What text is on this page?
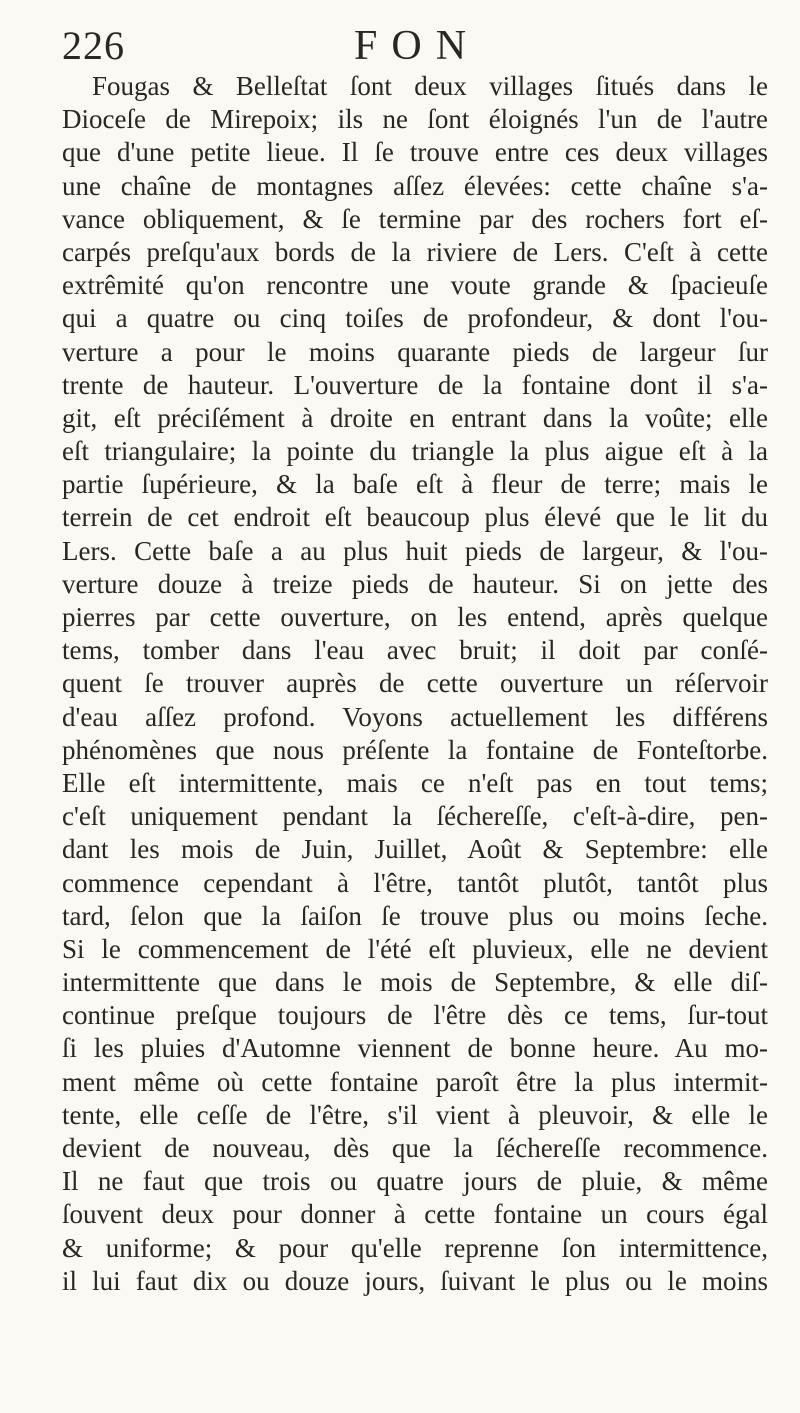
226	FON
Fougas & Belleſtat ſont deux villages ſitués dans le
Dioceſe de Mirepoix; ils ne ſont éloignés l'un de l'autre
que d'une petite lieue. Il ſe trouve entre ces deux villages
une chaîne de montagnes aſſez élevées: cette chaîne s'a-
vance obliquement, & ſe termine par des rochers fort eſ-
carpés preſqu'aux bords de la riviere de Lers. C'eſt à cette
extrêmité qu'on rencontre une voute grande & ſpacieuſe
qui a quatre ou cinq toiſes de profondeur, & dont l'ou-
verture a pour le moins quarante pieds de largeur ſur
trente de hauteur. L'ouverture de la fontaine dont il s'a-
git, eſt préciſément à droite en entrant dans la voûte; elle
eſt triangulaire; la pointe du triangle la plus aigue eſt à la
partie ſupérieure, & la baſe eſt à fleur de terre; mais le
terrein de cet endroit eſt beaucoup plus élevé que le lit du
Lers. Cette baſe a au plus huit pieds de largeur, & l'ou-
verture douze à treize pieds de hauteur. Si on jette des
pierres par cette ouverture, on les entend, après quelque
tems, tomber dans l'eau avec bruit; il doit par conſé-
quent ſe trouver auprès de cette ouverture un réſervoir
d'eau aſſez profond. Voyons actuellement les différens
phénomènes que nous préſente la fontaine de Fonteſtorbe.
Elle eſt intermittente, mais ce n'eſt pas en tout tems;
c'eſt uniquement pendant la ſéchereſſe, c'eſt-à-dire, pen-
dant les mois de Juin, Juillet, Août & Septembre: elle
commence cependant à l'être, tantôt plutôt, tantôt plus
tard, ſelon que la ſaiſon ſe trouve plus ou moins ſeche.
Si le commencement de l'été eſt pluvieux, elle ne devient
intermittente que dans le mois de Septembre, & elle diſ-
continue preſque toujours de l'être dès ce tems, ſur-tout
ſi les pluies d'Automne viennent de bonne heure. Au mo-
ment même où cette fontaine paroît être la plus intermit-
tente, elle ceſſe de l'être, s'il vient à pleuvoir, & elle le
devient de nouveau, dès que la ſéchereſſe recommence.
Il ne faut que trois ou quatre jours de pluie, & même
ſouvent deux pour donner à cette fontaine un cours égal
& uniforme; & pour qu'elle reprenne ſon intermittence,
il lui faut dix ou douze jours, ſuivant le plus ou le moins
